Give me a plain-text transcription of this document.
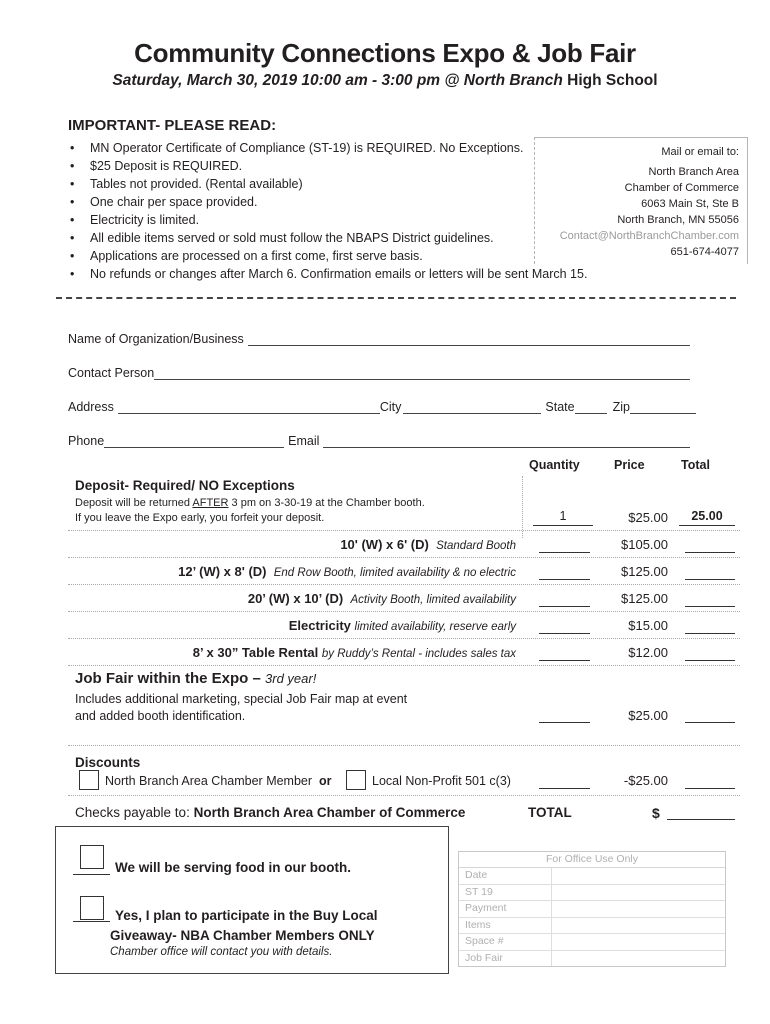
Community Connections Expo & Job Fair
Saturday, March 30, 2019 10:00 am - 3:00 pm @ North Branch High School
IMPORTANT- PLEASE READ:
• MN Operator Certificate of Compliance (ST-19) is REQUIRED. No Exceptions.
• $25 Deposit is REQUIRED.
• Tables not provided. (Rental available)
• One chair per space provided.
• Electricity is limited.
• All edible items served or sold must follow the NBAPS District guidelines.
• Applications are processed on a first come, first serve basis.
• No refunds or changes after March 6. Confirmation emails or letters will be sent March 15.
Mail or email to:
North Branch Area
Chamber of Commerce
6063 Main St, Ste B
North Branch, MN 55056
Contact@NorthBranchChamber.com
651-674-4077
Name of Organization/Business
Contact Person
Address	City	State	Zip
Phone	Email
Quantity	Price	Total
Deposit- Required/ NO Exceptions
Deposit will be returned AFTER 3 pm on 3-30-19 at the Chamber booth.
If you leave the Expo early, you forfeit your deposit.	1	$25.00	25.00
10' (W) x 6' (D) Standard Booth	$105.00
12’ (W) x 8' (D) End Row Booth, limited availability & no electric	$125.00
20’ (W) x 10’ (D) Activity Booth, limited availability	$125.00
Electricity limited availability, reserve early	$15.00
8’ x 30” Table Rental by Ruddy’s Rental - includes sales tax	$12.00
Job Fair within the Expo – 3rd year!
Includes additional marketing, special Job Fair map at event
and added booth identification.	$25.00
Discounts
North Branch Area Chamber Member or	Local Non-Profit 501 c(3)	-$25.00
Checks payable to: North Branch Area Chamber of Commerce	TOTAL	$
We will be serving food in our booth.
Yes, I plan to participate in the Buy Local
Giveaway- NBA Chamber Members ONLY
Chamber office will contact you with details.
For Office Use Only
Date
ST 19
Payment
Items
Space #
Job Fair
